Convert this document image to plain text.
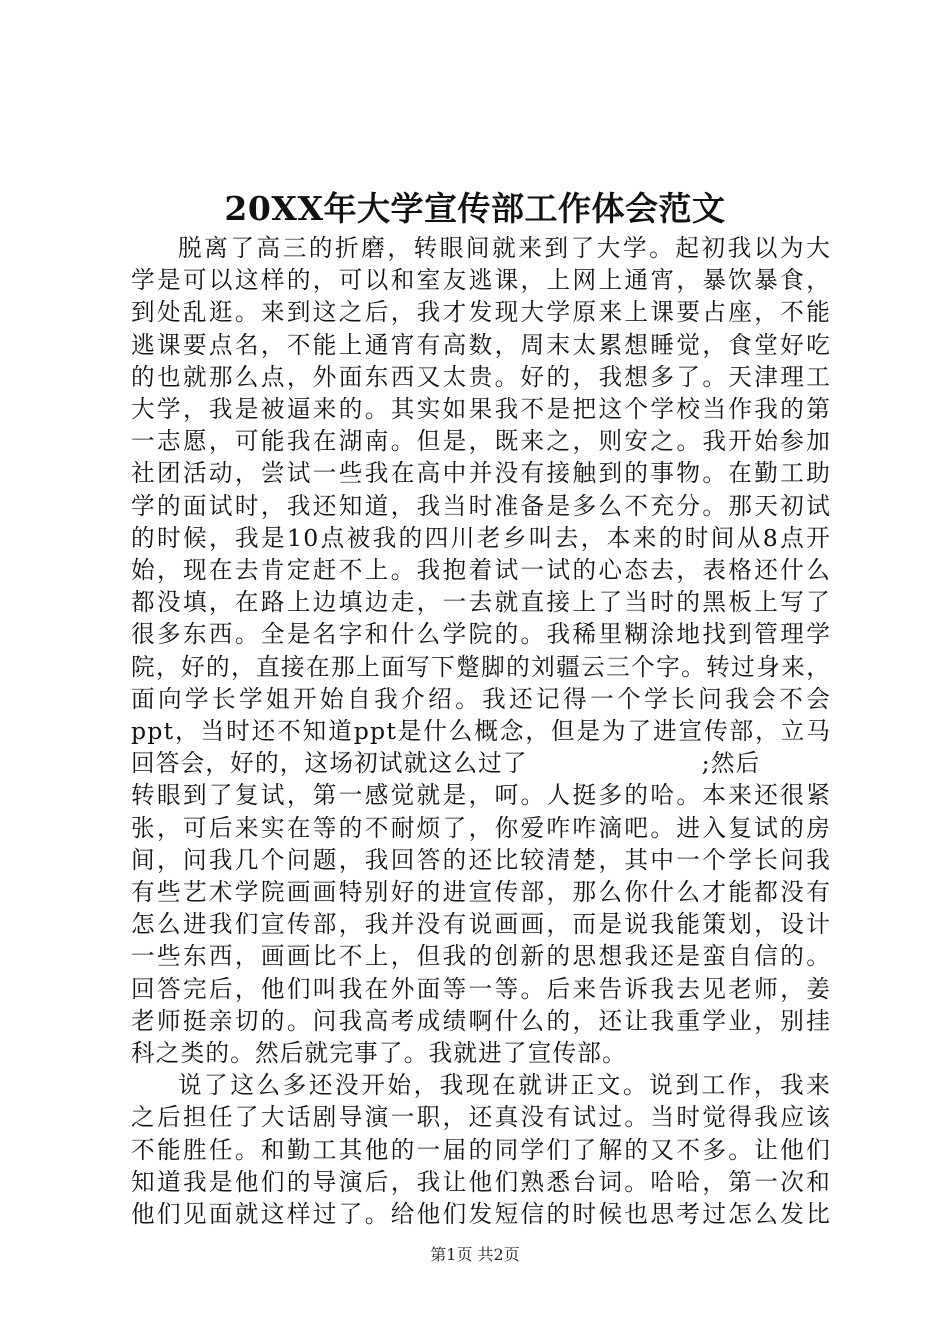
20XX年大学宣传部工作体会范文
脱离了高三的折磨，转眼间就来到了大学。起初我以为大
学是可以这样的，可以和室友逃课，上网上通宵，暴饮暴食，
到处乱逛。来到这之后，我才发现大学原来上课要占座，不能
逃课要点名，不能上通宵有高数，周末太累想睡觉，食堂好吃
的也就那么点，外面东西又太贵。好的，我想多了。天津理工
大学，我是被逼来的。其实如果我不是把这个学校当作我的第
一志愿，可能我在湖南。但是，既来之，则安之。我开始参加
社团活动，尝试一些我在高中并没有接触到的事物。在勤工助
学的面试时，我还知道，我当时准备是多么不充分。那天初试
的时候，我是10点被我的四川老乡叫去，本来的时间从8点开
始，现在去肯定赶不上。我抱着试一试的心态去，表格还什么
都没填，在路上边填边走，一去就直接上了当时的黑板上写了
很多东西。全是名字和什么学院的。我稀里糊涂地找到管理学
院，好的，直接在那上面写下蹩脚的刘疆云三个字。转过身来，
面向学长学姐开始自我介绍。我还记得一个学长问我会不会
ppt，当时还不知道ppt是什么概念，但是为了进宣传部，立马
回答会，好的，这场初试就这么过了                    ;然后
转眼到了复试，第一感觉就是，呵。人挺多的哈。本来还很紧
张，可后来实在等的不耐烦了，你爱咋咋滴吧。进入复试的房
间，问我几个问题，我回答的还比较清楚，其中一个学长问我
有些艺术学院画画特别好的进宣传部，那么你什么才能都没有
怎么进我们宣传部，我并没有说画画，而是说我能策划，设计
一些东西，画画比不上，但我的创新的思想我还是蛮自信的。
回答完后，他们叫我在外面等一等。后来告诉我去见老师，姜
老师挺亲切的。问我高考成绩啊什么的，还让我重学业，别挂
科之类的。然后就完事了。我就进了宣传部。
说了这么多还没开始，我现在就讲正文。说到工作，我来
之后担任了大话剧导演一职，还真没有试过。当时觉得我应该
不能胜任。和勤工其他的一届的同学们了解的又不多。让他们
知道我是他们的导演后，我让他们熟悉台词。哈哈，第一次和
他们见面就这样过了。给他们发短信的时候也思考过怎么发比
第1页 共2页
